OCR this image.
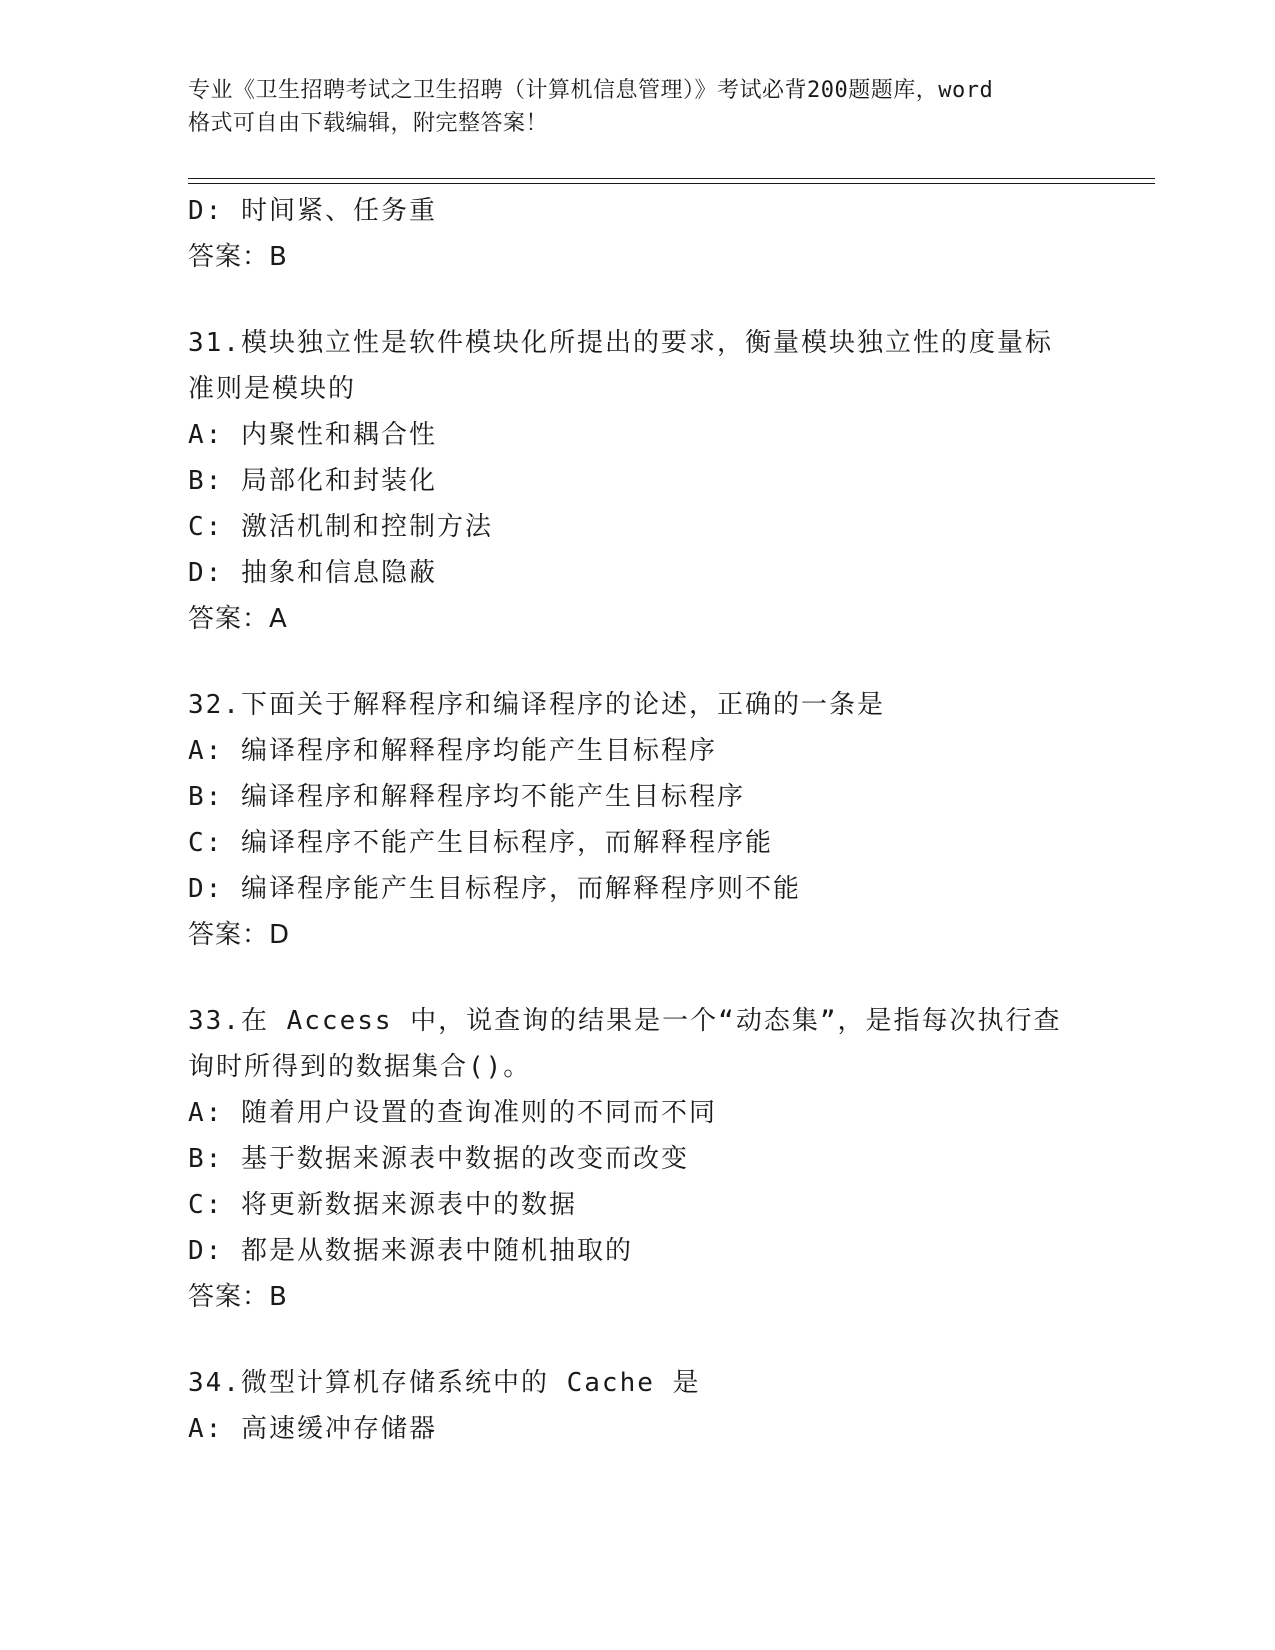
专业《卫生招聘考试之卫生招聘（计算机信息管理）》考试必背200题题库，word
格式可自由下载编辑，附完整答案！
D: 时间紧、任务重
答案：B
31.模块独立性是软件模块化所提出的要求，衡量模块独立性的度量标
准则是模块的
A: 内聚性和耦合性
B: 局部化和封装化
C: 激活机制和控制方法
D: 抽象和信息隐蔽
答案：A
32.下面关于解释程序和编译程序的论述，正确的一条是
A: 编译程序和解释程序均能产生目标程序
B: 编译程序和解释程序均不能产生目标程序
C: 编译程序不能产生目标程序，而解释程序能
D: 编译程序能产生目标程序，而解释程序则不能
答案：D
33.在 Access 中，说查询的结果是一个“动态集”，是指每次执行查
询时所得到的数据集合()。
A: 随着用户设置的查询准则的不同而不同
B: 基于数据来源表中数据的改变而改变
C: 将更新数据来源表中的数据
D: 都是从数据来源表中随机抽取的
答案：B
34.微型计算机存储系统中的 Cache 是
A: 高速缓冲存储器
